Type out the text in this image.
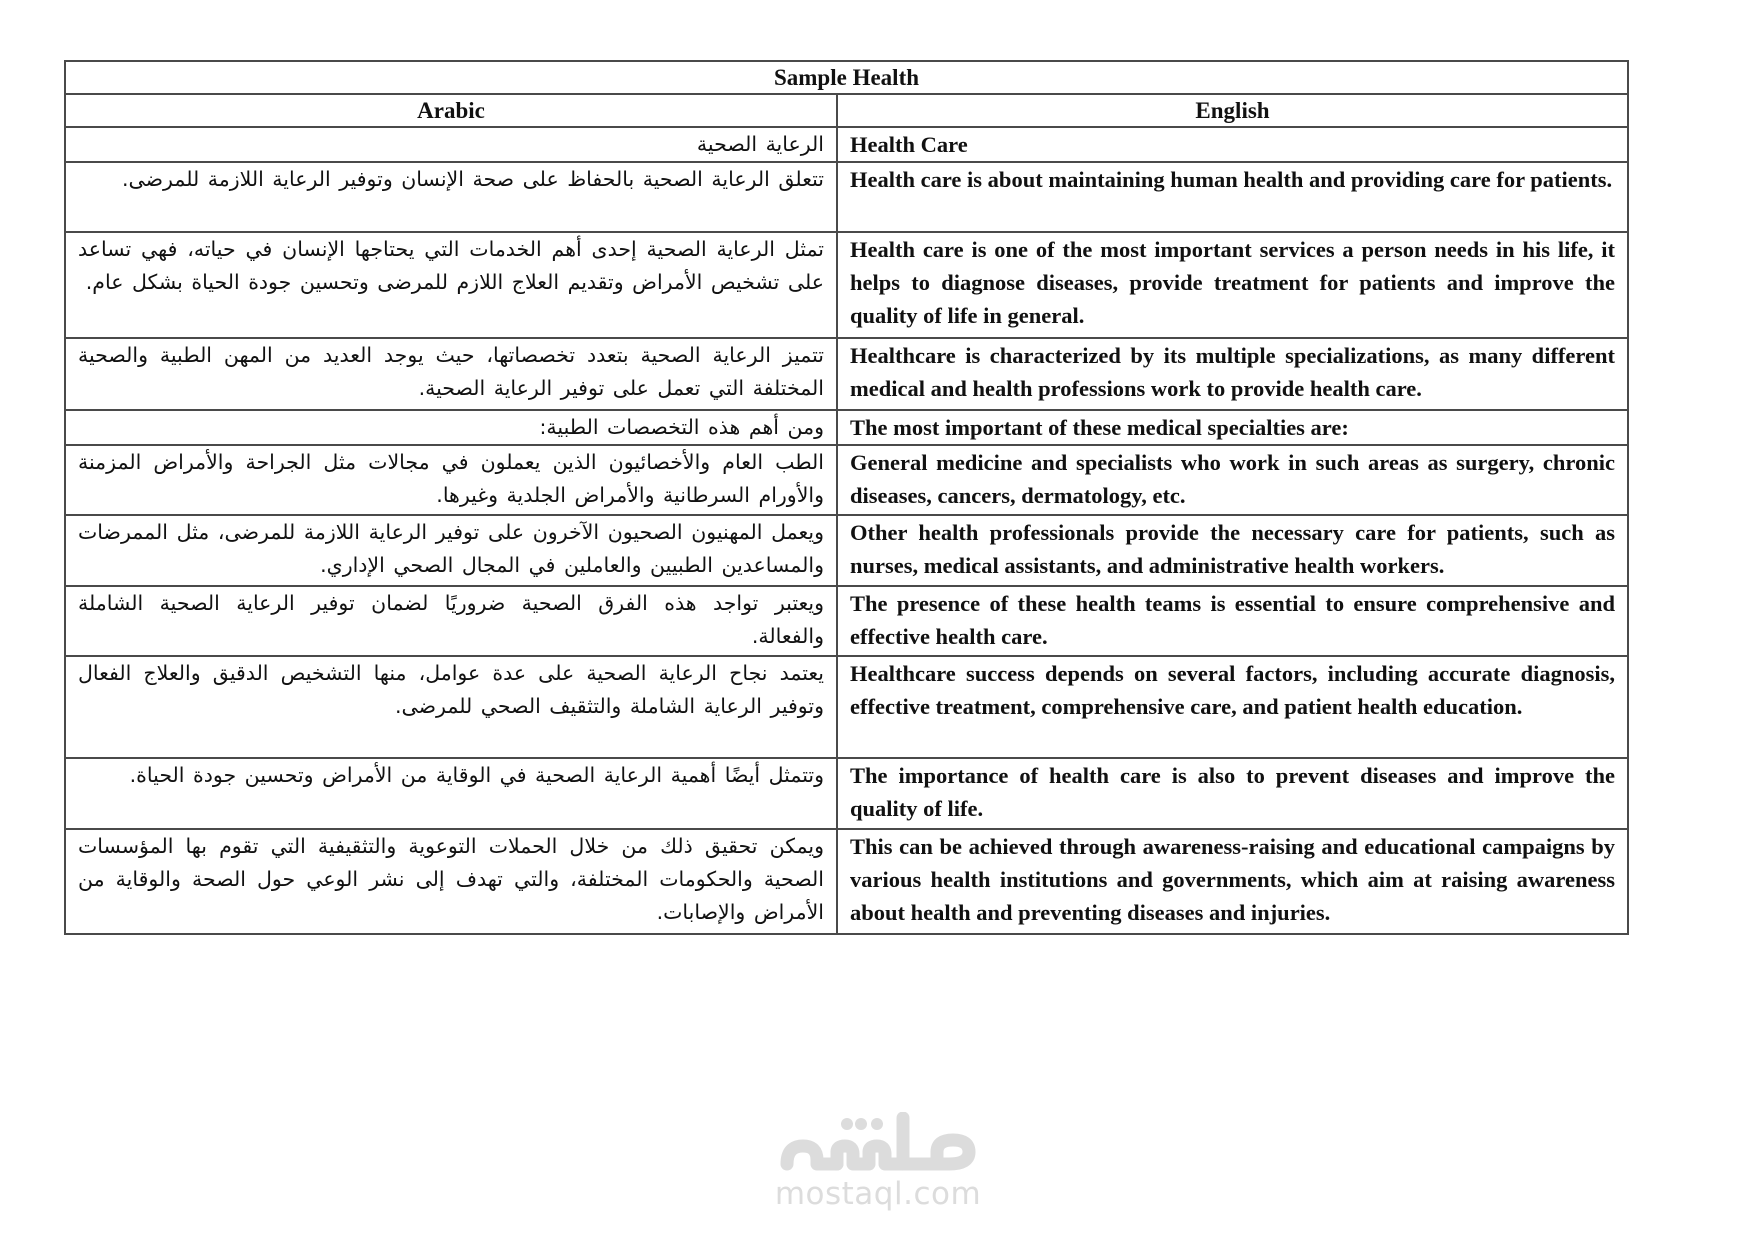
Sample Health	
Arabic	English
الرعاية الصحية	Health Care
تتعلق الرعاية الصحية بالحفاظ على صحة الإنسان وتوفير الرعاية اللازمة للمرضى.	Health care is about maintaining human health and providing care for patients.
تمثل الرعاية الصحية إحدى أهم الخدمات التي يحتاجها الإنسان في حياته، فهي تساعد على تشخيص الأمراض وتقديم العلاج اللازم للمرضى وتحسين جودة الحياة بشكل عام.	Health care is one of the most important services a person needs in his life, it helps to diagnose diseases, provide treatment for patients and improve the quality of life in general.
تتميز الرعاية الصحية بتعدد تخصصاتها، حيث يوجد العديد من المهن الطبية والصحية المختلفة التي تعمل على توفير الرعاية الصحية.	Healthcare is characterized by its multiple specializations, as many different medical and health professions work to provide health care.
ومن أهم هذه التخصصات الطبية:	The most important of these medical specialties are:
الطب العام والأخصائيون الذين يعملون في مجالات مثل الجراحة والأمراض المزمنة والأورام السرطانية والأمراض الجلدية وغيرها.	General medicine and specialists who work in such areas as surgery, chronic diseases, cancers, dermatology, etc.
ويعمل المهنيون الصحيون الآخرون على توفير الرعاية اللازمة للمرضى، مثل الممرضات والمساعدين الطبيين والعاملين في المجال الصحي الإداري.	Other health professionals provide the necessary care for patients, such as nurses, medical assistants, and administrative health workers.
ويعتبر تواجد هذه الفرق الصحية ضروريًا لضمان توفير الرعاية الصحية الشاملة والفعالة.	The presence of these health teams is essential to ensure comprehensive and effective health care.
يعتمد نجاح الرعاية الصحية على عدة عوامل، منها التشخيص الدقيق والعلاج الفعال وتوفير الرعاية الشاملة والتثقيف الصحي للمرضى.	Healthcare success depends on several factors, including accurate diagnosis, effective treatment, comprehensive care, and patient health education.
وتتمثل أيضًا أهمية الرعاية الصحية في الوقاية من الأمراض وتحسين جودة الحياة.	The importance of health care is also to prevent diseases and improve the quality of life.
ويمكن تحقيق ذلك من خلال الحملات التوعوية والتثقيفية التي تقوم بها المؤسسات الصحية والحكومات المختلفة، والتي تهدف إلى نشر الوعي حول الصحة والوقاية من الأمراض والإصابات.	This can be achieved through awareness-raising and educational campaigns by various health institutions and governments, which aim at raising awareness about health and preventing diseases and injuries.
mostaql.com
